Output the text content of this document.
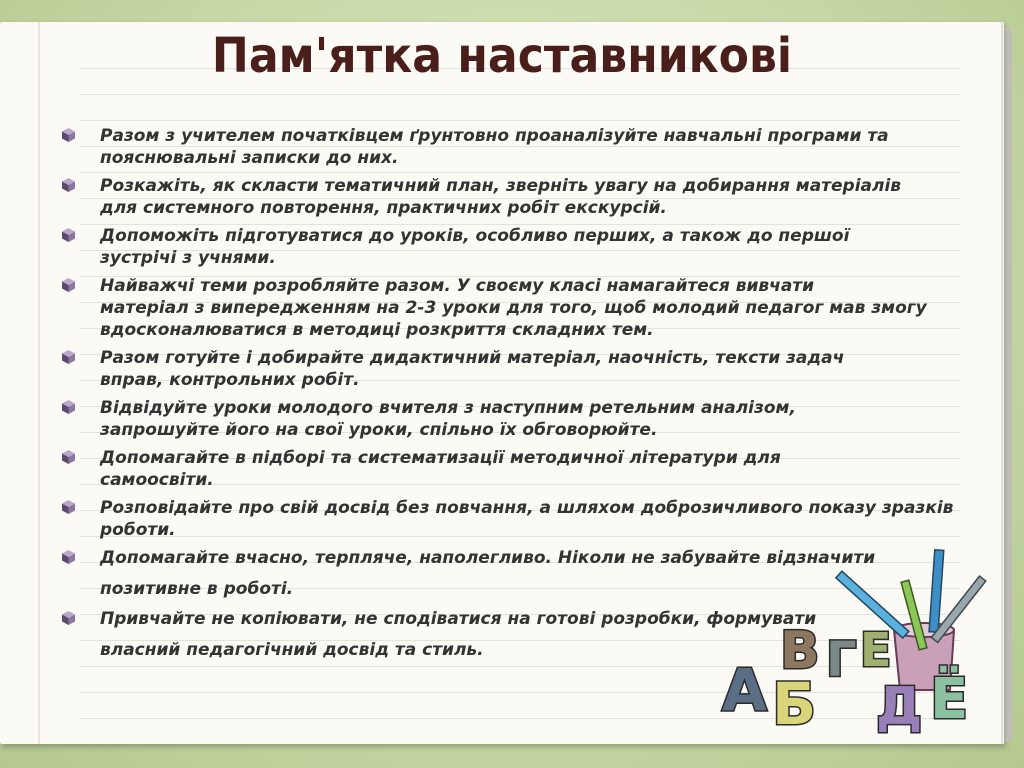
Пам'ятка наставникові
Разом з учителем початківцем ґрунтовно проаналізуйте навчальні програми та
пояснювальні записки до них.
Розкажіть, як скласти тематичний план, зверніть увагу на добирання матеріалів
для системного повторення, практичних робіт екскурсій.
Допоможіть підготуватися до уроків, особливо перших, а також до першої
зустрічі з учнями.
Найважчі теми розробляйте разом. У своєму класі намагайтеся вивчати
матеріал з випередженням на 2-3 уроки для того, щоб молодий педагог мав змогу
вдосконалюватися в методиці розкриття складних тем.
Разом готуйте і добирайте дидактичний матеріал, наочність, тексти задач
вправ, контрольних робіт.
Відвідуйте уроки молодого вчителя з наступним ретельним аналізом,
запрошуйте його на свої уроки, спільно їх обговорюйте.
Допомагайте в підборі та систематизації методичної літератури для
самоосвіти.
Розповідайте про свій досвід без повчання, а шляхом доброзичливого показу зразків
роботи.
Допомагайте вчасно, терпляче, наполегливо. Ніколи не забувайте відзначити
позитивне в роботі.
Привчайте не копіювати, не сподіватися на готові розробки, формувати
власний педагогічний досвід та стиль.
А Б
В Г Е
Д Ё
